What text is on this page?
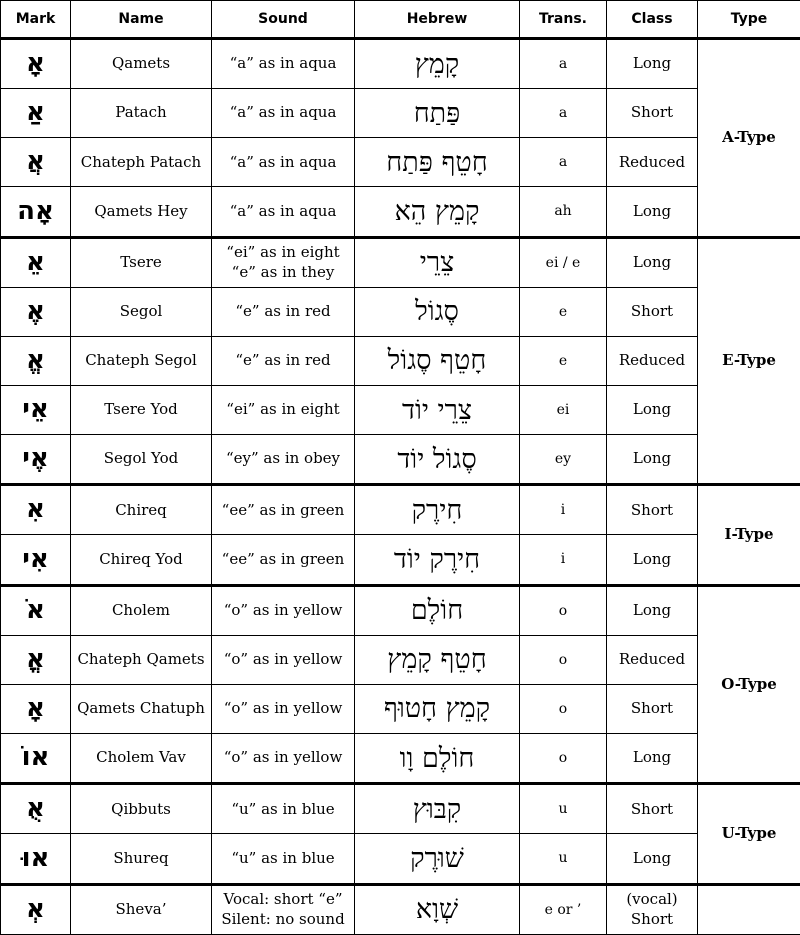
Mark	Name	Sound	Hebrew	Trans.	Class	Type
אָ	Qamets	“a” as in aqua	קָמֵץ	a	Long	A-Type
אַ	Patach	“a” as in aqua	פַּתַח	a	Short	
אֲ	Chateph Patach	“a” as in aqua	חָטֵף פַּתַח	a	Reduced	
אָה	Qamets Hey	“a” as in aqua	קָמֵץ הֵא	ah	Long	
אֵ	Tsere	“ei” as in eight
“e” as in they	צֵרֵי	ei / e	Long	E-Type
אֶ	Segol	“e” as in red	סֶגוֹל	e	Short	
אֱ	Chateph Segol	“e” as in red	חָטֵף סֶגוֹל	e	Reduced	
אֵי	Tsere Yod	“ei” as in eight	צֵרֵי יוֹד	ei	Long	
אֶי	Segol Yod	“ey” as in obey	סֶגוֹל יוֹד	ey	Long	
אִ	Chireq	“ee” as in green	חִירֶק	i	Short	I-Type
אִי	Chireq Yod	“ee” as in green	חִירֶק יוֹד	i	Long	
אֹ	Cholem	“o” as in yellow	חוֹלֶם	o	Long	O-Type
אֳ	Chateph Qamets	“o” as in yellow	חָטֵף קָמֵץ	o	Reduced	
אָ	Qamets Chatuph	“o” as in yellow	קָמֵץ חָטוּף	o	Short	
אוֹ	Cholem Vav	“o” as in yellow	חוֹלֶם וָו	o	Long	
אֻ	Qibbuts	“u” as in blue	קִבּוּץ	u	Short	U-Type
אוּ	Shureq	“u” as in blue	שׁוּרֶק	u	Long	
אְ	Sheva’	Vocal: short “e”
Silent: no sound	שְׁוָא	e or ’	(vocal) Short	
